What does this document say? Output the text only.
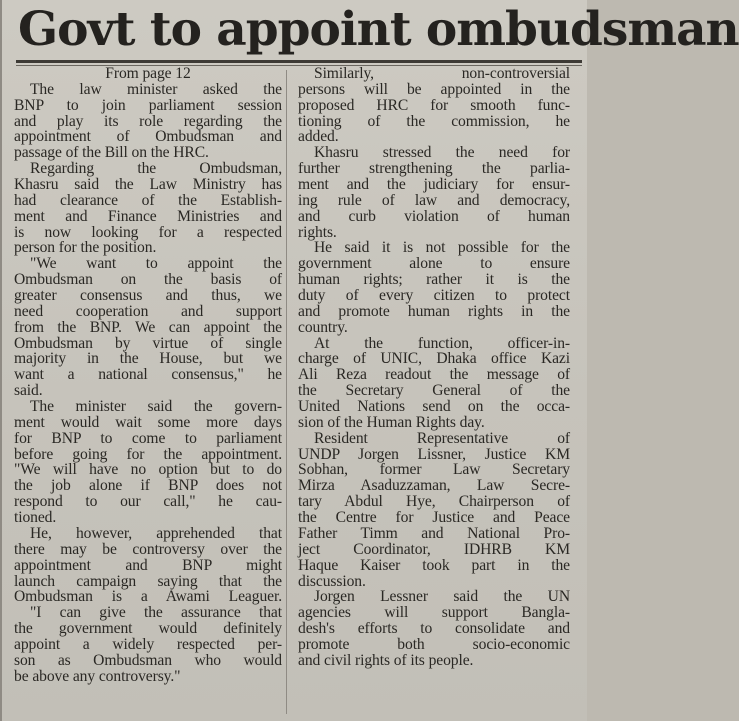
Govt to appoint ombudsman
From page 12
The law minister asked the
BNP to join parliament session
and play its role regarding the
appointment of Ombudsman and
passage of the Bill on the HRC.
Regarding the Ombudsman,
Khasru said the Law Ministry has
had clearance of the Establish-
ment and Finance Ministries and
is now looking for a respected
person for the position.
"We want to appoint the
Ombudsman on the basis of
greater consensus and thus, we
need cooperation and support
from the BNP. We can appoint the
Ombudsman by virtue of single
majority in the House, but we
want a national consensus," he
said.
The minister said the govern-
ment would wait some more days
for BNP to come to parliament
before going for the appointment.
"We will have no option but to do
the job alone if BNP does not
respond to our call," he cau-
tioned.
He, however, apprehended that
there may be controversy over the
appointment and BNP might
launch campaign saying that the
Ombudsman is a Awami Leaguer.
"I can give the assurance that
the government would definitely
appoint a widely respected per-
son as Ombudsman who would
be above any controversy."
Similarly, non-controversial
persons will be appointed in the
proposed HRC for smooth func-
tioning of the commission, he
added.
Khasru stressed the need for
further strengthening the parlia-
ment and the judiciary for ensur-
ing rule of law and democracy,
and curb violation of human
rights.
He said it is not possible for the
government alone to ensure
human rights; rather it is the
duty of every citizen to protect
and promote human rights in the
country.
At the function, officer-in-
charge of UNIC, Dhaka office Kazi
Ali Reza readout the message of
the Secretary General of the
United Nations send on the occa-
sion of the Human Rights day.
Resident Representative of
UNDP Jorgen Lissner, Justice KM
Sobhan, former Law Secretary
Mirza Asaduzzaman, Law Secre-
tary Abdul Hye, Chairperson of
the Centre for Justice and Peace
Father Timm and National Pro-
ject Coordinator, IDHRB KM
Haque Kaiser took part in the
discussion.
Jorgen Lessner said the UN
agencies will support Bangla-
desh's efforts to consolidate and
promote both socio-economic
and civil rights of its people.
